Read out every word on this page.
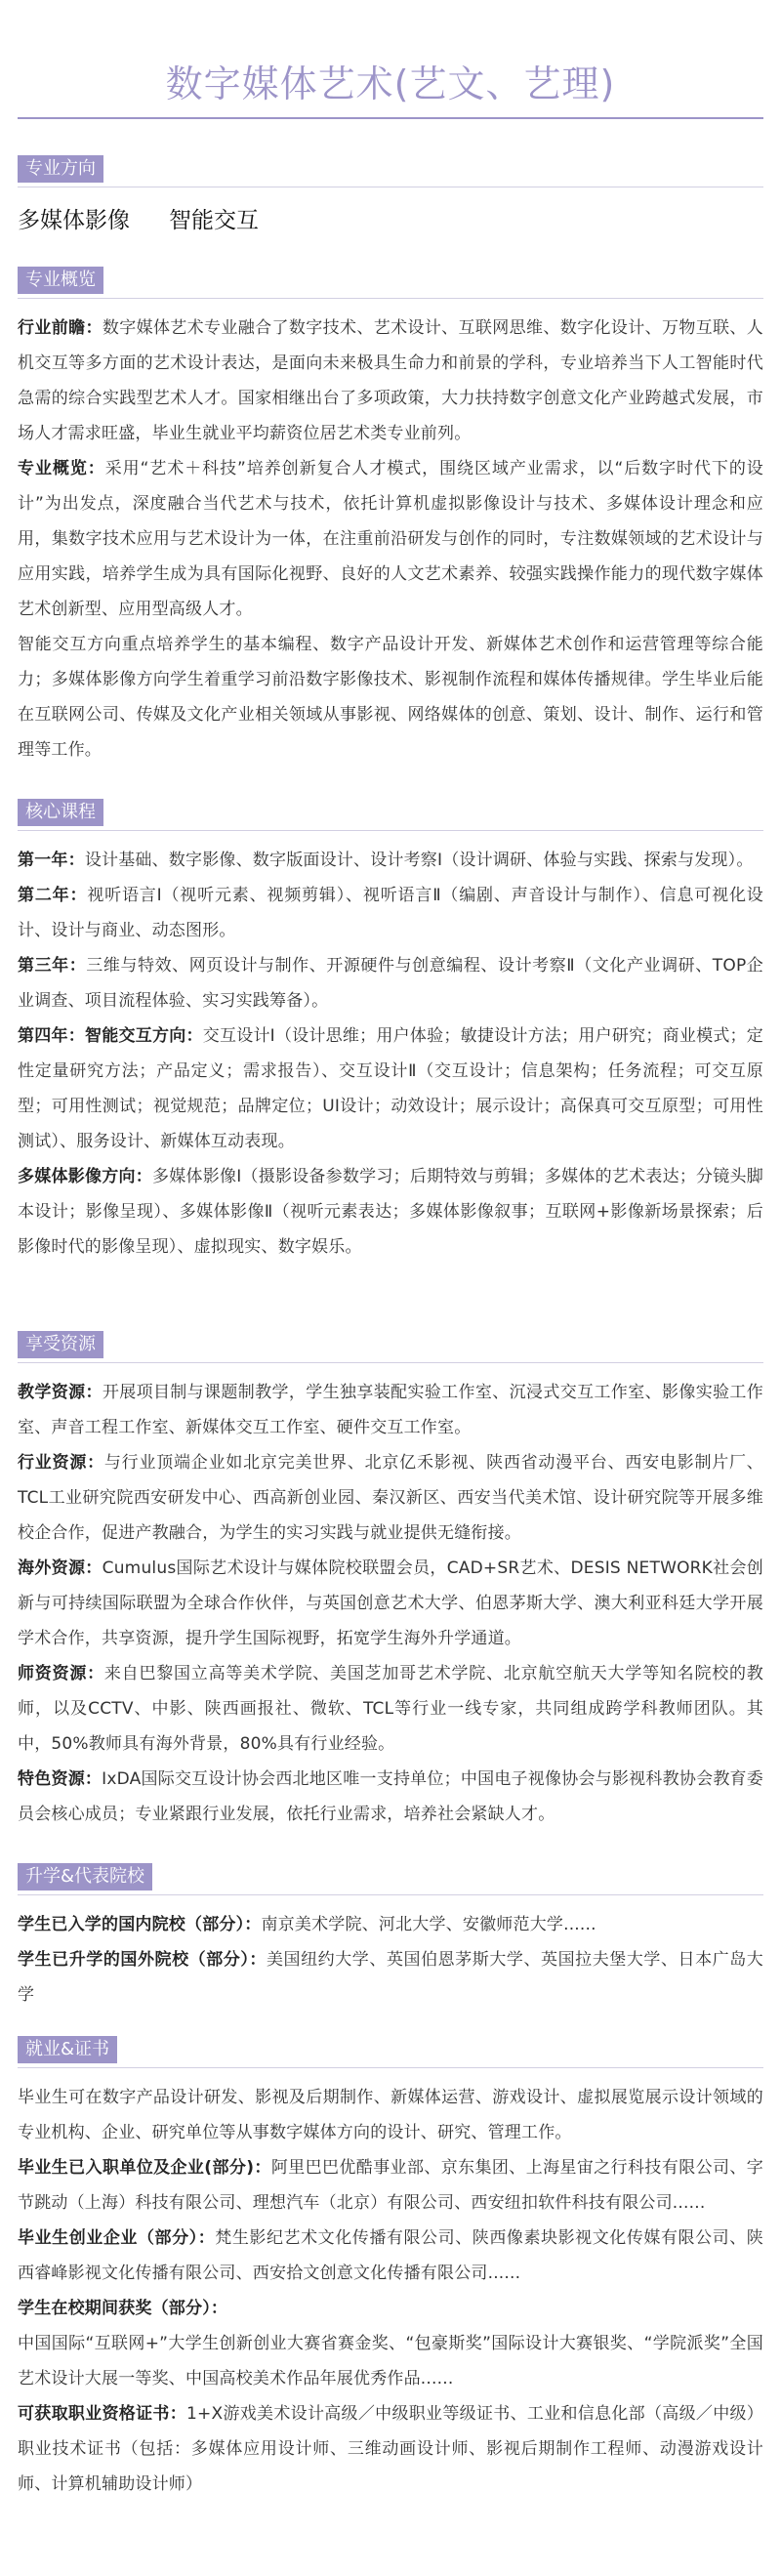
数字媒体艺术(艺文、艺理)
专业方向
多媒体影像 智能交互
专业概览

行业前瞻：数字媒体艺术专业融合了数字技术、艺术设计、互联网思维、数字化设计、万物互联、人机交互等多方面的艺术设计表达，是面向未来极具生命力和前景的学科，专业培养当下人工智能时代急需的综合实践型艺术人才。国家相继出台了多项政策，大力扶持数字创意文化产业跨越式发展，市场人才需求旺盛，毕业生就业平均薪资位居艺术类专业前列。

专业概览：采用“艺术＋科技”培养创新复合人才模式，围绕区域产业需求，以“后数字时代下的设计”为出发点，深度融合当代艺术与技术，依托计算机虚拟影像设计与技术、多媒体设计理念和应用，集数字技术应用与艺术设计为一体，在注重前沿研发与创作的同时，专注数媒领域的艺术设计与应用实践，培养学生成为具有国际化视野、良好的人文艺术素养、较强实践操作能力的现代数字媒体艺术创新型、应用型高级人才。

智能交互方向重点培养学生的基本编程、数字产品设计开发、新媒体艺术创作和运营管理等综合能力；多媒体影像方向学生着重学习前沿数字影像技术、影视制作流程和媒体传播规律。学生毕业后能在互联网公司、传媒及文化产业相关领域从事影视、网络媒体的创意、策划、设计、制作、运行和管理等工作。

核心课程

第一年：设计基础、数字影像、数字版面设计、设计考察Ⅰ（设计调研、体验与实践、探索与发现）。

第二年：视听语言Ⅰ（视听元素、视频剪辑）、视听语言Ⅱ（编剧、声音设计与制作）、信息可视化设计、设计与商业、动态图形。

第三年：三维与特效、网页设计与制作、开源硬件与创意编程、设计考察Ⅱ（文化产业调研、TOP企业调查、项目流程体验、实习实践筹备）。

第四年：智能交互方向：交互设计Ⅰ（设计思维；用户体验；敏捷设计方法；用户研究；商业模式；定性定量研究方法；产品定义；需求报告）、交互设计Ⅱ（交互设计；信息架构；任务流程；可交互原型；可用性测试；视觉规范；品牌定位；UI设计；动效设计；展示设计；高保真可交互原型；可用性测试）、服务设计、新媒体互动表现。

多媒体影像方向：多媒体影像Ⅰ（摄影设备参数学习；后期特效与剪辑；多媒体的艺术表达；分镜头脚本设计；影像呈现）、多媒体影像Ⅱ（视听元素表达；多媒体影像叙事；互联网+影像新场景探索；后影像时代的影像呈现）、虚拟现实、数字娱乐。

享受资源

教学资源：开展项目制与课题制教学，学生独享装配实验工作室、沉浸式交互工作室、影像实验工作室、声音工程工作室、新媒体交互工作室、硬件交互工作室。

行业资源：与行业顶端企业如北京完美世界、北京亿禾影视、陕西省动漫平台、西安电影制片厂、TCL工业研究院西安研发中心、西高新创业园、秦汉新区、西安当代美术馆、设计研究院等开展多维校企合作，促进产教融合，为学生的实习实践与就业提供无缝衔接。

海外资源：Cumulus国际艺术设计与媒体院校联盟会员，CAD+SR艺术、DESIS NETWORK社会创新与可持续国际联盟为全球合作伙伴，与英国创意艺术大学、伯恩茅斯大学、澳大利亚科廷大学开展学术合作，共享资源，提升学生国际视野，拓宽学生海外升学通道。

师资资源：来自巴黎国立高等美术学院、美国芝加哥艺术学院、北京航空航天大学等知名院校的教师，以及CCTV、中影、陕西画报社、微软、TCL等行业一线专家，共同组成跨学科教师团队。其中，50%教师具有海外背景，80%具有行业经验。

特色资源：IxDA国际交互设计协会西北地区唯一支持单位；中国电子视像协会与影视科教协会教育委员会核心成员；专业紧跟行业发展，依托行业需求，培养社会紧缺人才。

升学&代表院校

学生已入学的国内院校（部分）：南京美术学院、河北大学、安徽师范大学......

学生已升学的国外院校（部分）：美国纽约大学、英国伯恩茅斯大学、英国拉夫堡大学、日本广岛大学

就业&证书

毕业生可在数字产品设计研发、影视及后期制作、新媒体运营、游戏设计、虚拟展览展示设计领域的专业机构、企业、研究单位等从事数字媒体方向的设计、研究、管理工作。

毕业生已入职单位及企业(部分)：阿里巴巴优酷事业部、京东集团、上海星宙之行科技有限公司、字节跳动（上海）科技有限公司、理想汽车（北京）有限公司、西安纽扣软件科技有限公司......

毕业生创业企业（部分）：梵生影纪艺术文化传播有限公司、陕西像素块影视文化传媒有限公司、陕西睿峰影视文化传播有限公司、西安拾文创意文化传播有限公司......

学生在校期间获奖（部分）：

中国国际“互联网+”大学生创新创业大赛省赛金奖、“包豪斯奖”国际设计大赛银奖、“学院派奖”全国艺术设计大展一等奖、中国高校美术作品年展优秀作品......

可获取职业资格证书：1+X游戏美术设计高级／中级职业等级证书、工业和信息化部（高级／中级）职业技术证书（包括：多媒体应用设计师、三维动画设计师、影视后期制作工程师、动漫游戏设计师、计算机辅助设计师）
